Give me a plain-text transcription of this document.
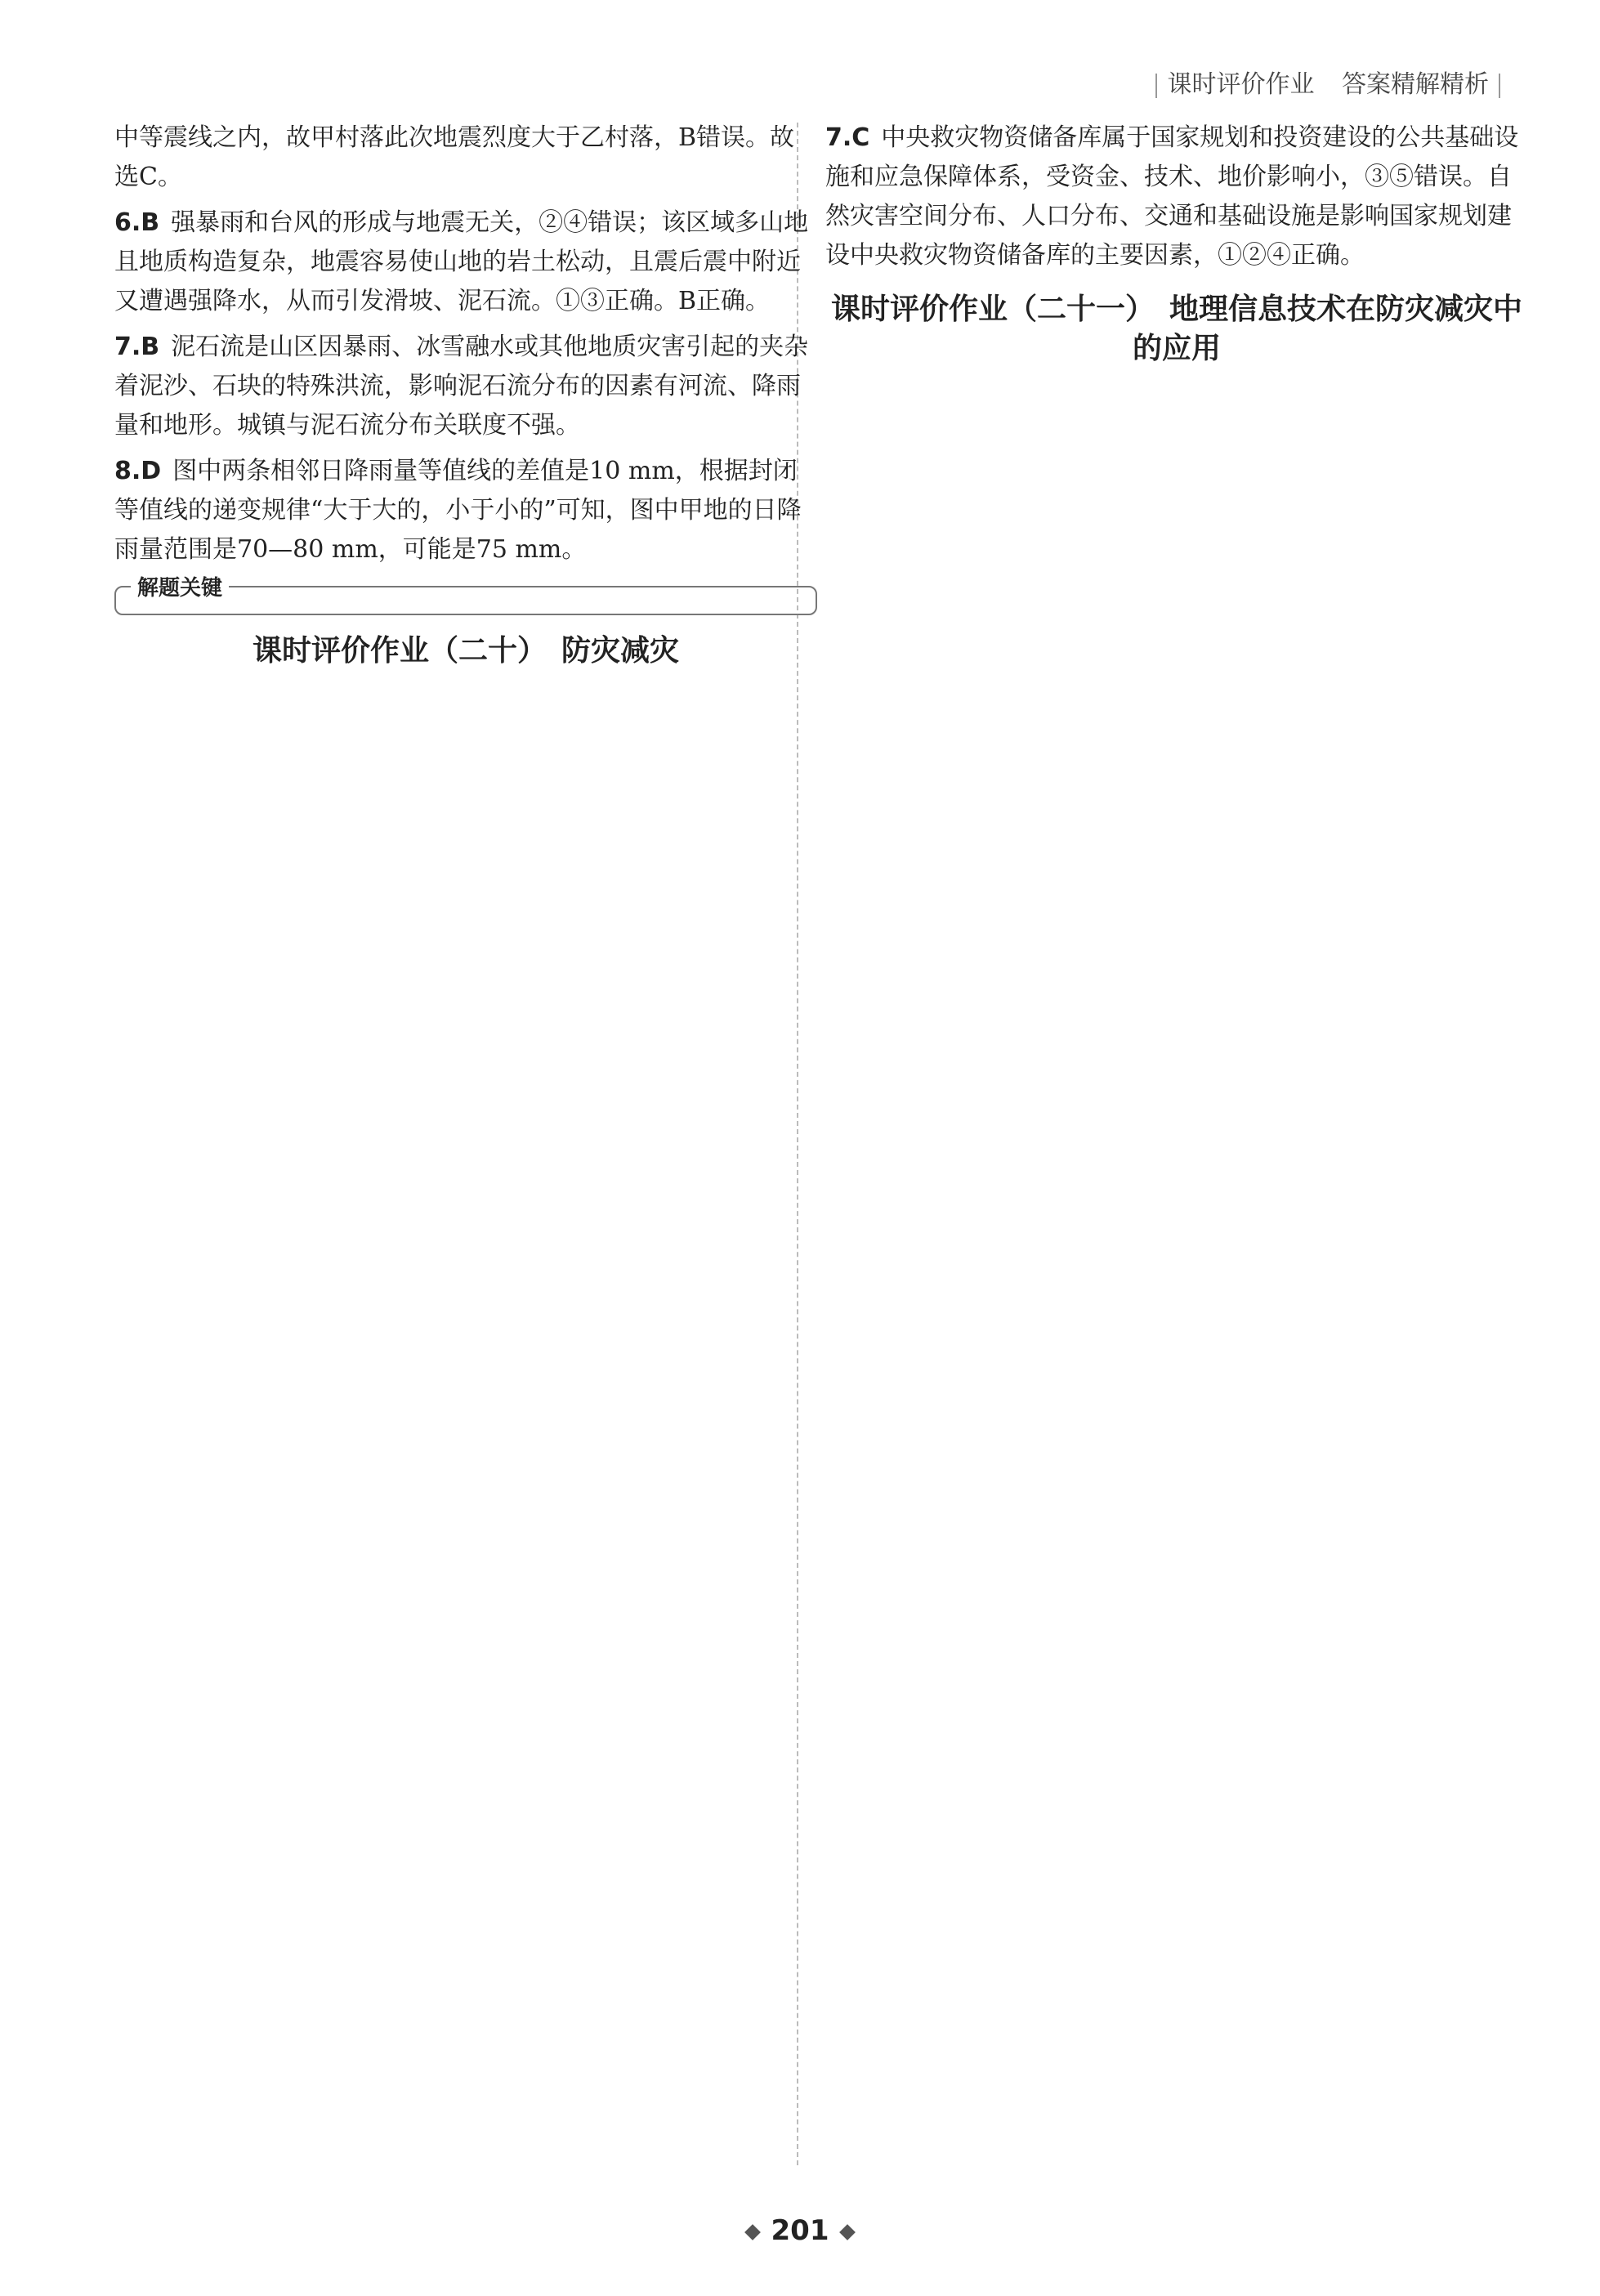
课时评价作业 答案精解精析

中等震线之内，故甲村落此次地震烈度大于乙村落，B错误。故选C。

6.B 强暴雨和台风的形成与地震无关，②④错误；该区域多山地且地质构造复杂，地震容易使山地的岩土松动，且震后震中附近又遭遇强降水，从而引发滑坡、泥石流。①③正确。B正确。

7.B 泥石流是山区因暴雨、冰雪融水或其他地质灾害引起的夹杂着泥沙、石块的特殊洪流，影响泥石流分布的因素有河流、降雨量和地形。城镇与泥石流分布关联度不强。

8.D 图中两条相邻日降雨量等值线的差值是10 mm，根据封闭等值线的递变规律“大于大的，小于小的”可知，图中甲地的日降雨量范围是70—80 mm，可能是75 mm。

解题关键
课时评价作业（二十）　防灾减灾

7.C 中央救灾物资储备库属于国家规划和投资建设的公共基础设施和应急保障体系，受资金、技术、地价影响小，③⑤错误。自然灾害空间分布、人口分布、交通和基础设施是影响国家规划建设中央救灾物资储备库的主要因素，①②④正确。

课时评价作业（二十一）　地理信息技术在防灾减灾中的应用
201
